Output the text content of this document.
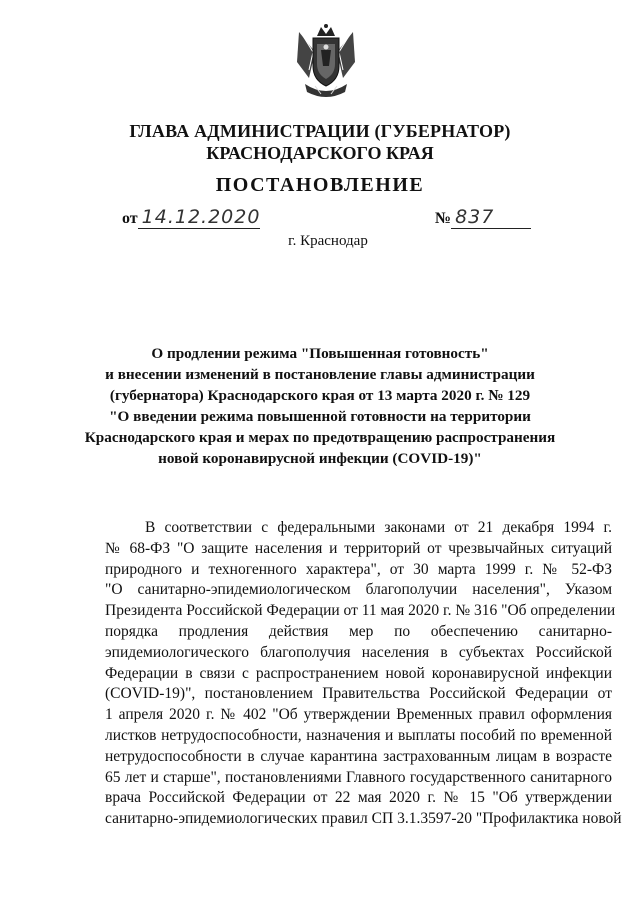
ГЛАВА АДМИНИСТРАЦИИ (ГУБЕРНАТОР)
КРАСНОДАРСКОГО КРАЯ
ПОСТАНОВЛЕНИЕ
от 14.12.2020	№ 837
г. Краснодар
О продлении режима "Повышенная готовность"
и внесении изменений в постановление главы администрации
(губернатора) Краснодарского края от 13 марта 2020 г. № 129
"О введении режима повышенной готовности на территории
Краснодарского края и мерах по предотвращению распространения
новой коронавирусной инфекции (COVID-19)"
В соответствии с федеральными законами от 21 декабря 1994 г.
№ 68-ФЗ "О защите населения и территорий от чрезвычайных ситуаций
природного и техногенного характера", от 30 марта 1999 г. № 52-ФЗ
"О санитарно-эпидемиологическом благополучии населения", Указом
Президента Российской Федерации от 11 мая 2020 г. № 316 "Об определении
порядка продления действия мер по обеспечению санитарно-
эпидемиологического благополучия населения в субъектах Российской
Федерации в связи с распространением новой коронавирусной инфекции
(COVID-19)", постановлением Правительства Российской Федерации от
1 апреля 2020 г. № 402 "Об утверждении Временных правил оформления
листков нетрудоспособности, назначения и выплаты пособий по временной
нетрудоспособности в случае карантина застрахованным лицам в возрасте
65 лет и старше", постановлениями Главного государственного санитарного
врача Российской Федерации от 22 мая 2020 г. № 15 "Об утверждении
санитарно-эпидемиологических правил СП 3.1.3597-20 "Профилактика новой
